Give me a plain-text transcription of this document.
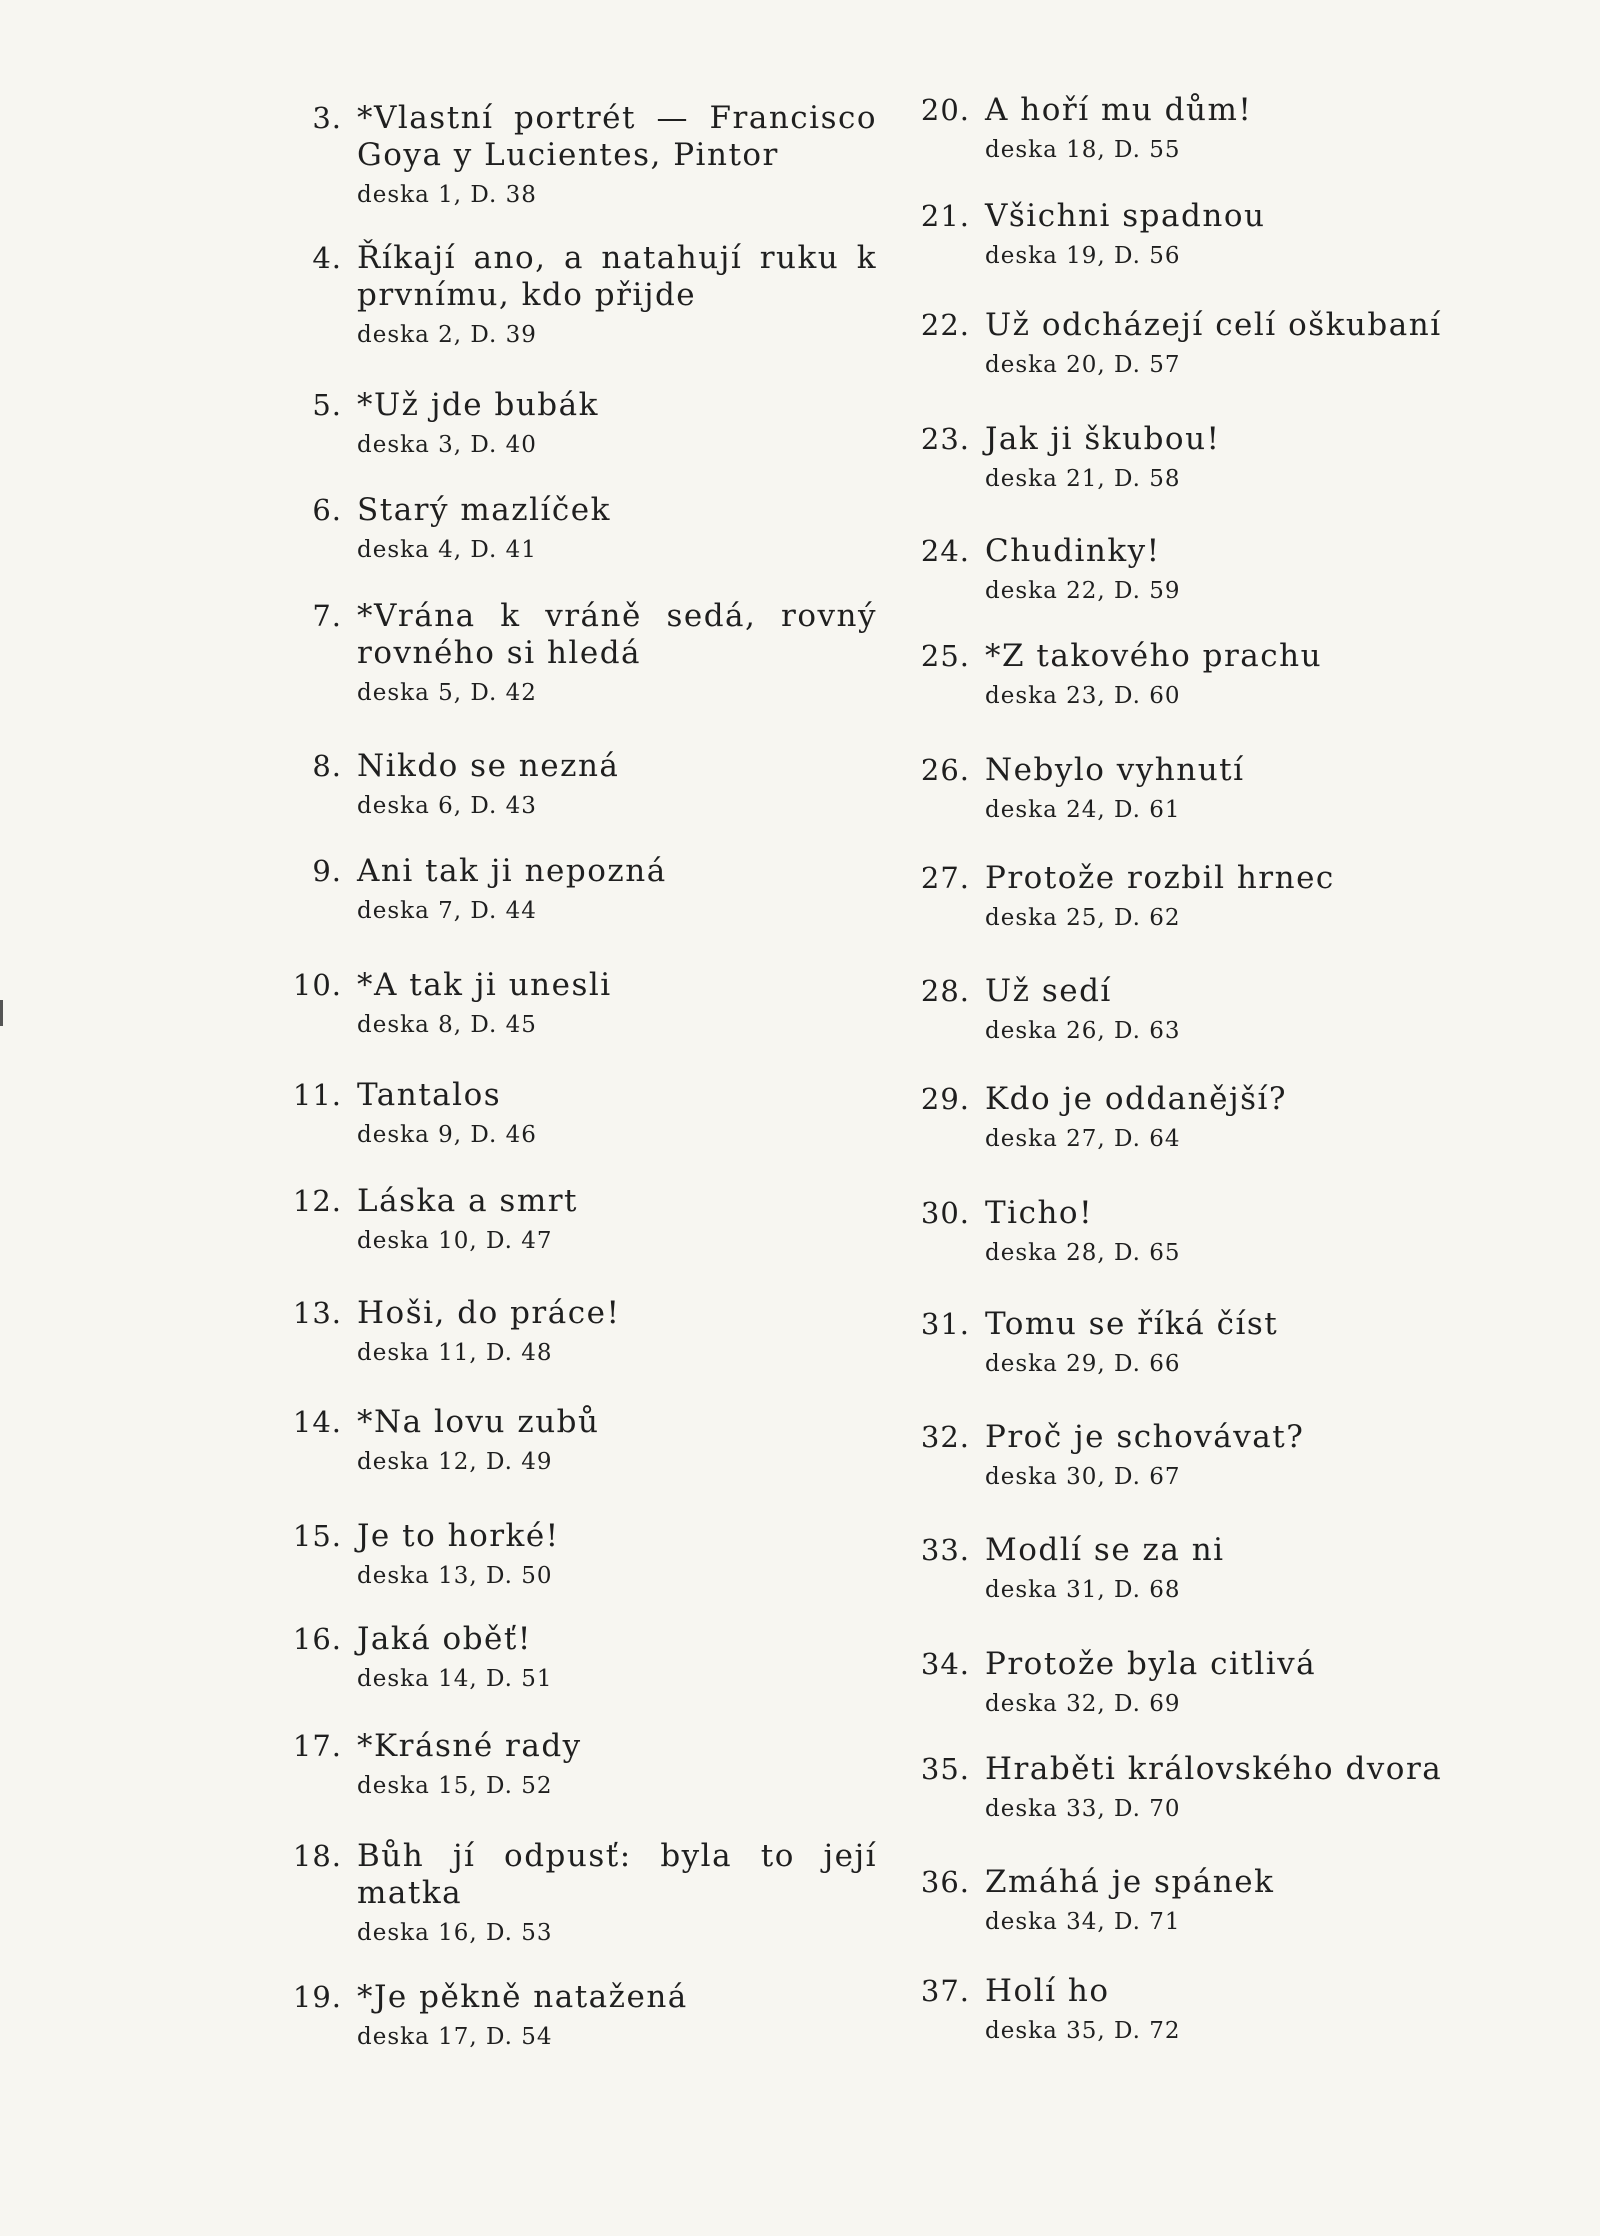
3. *Vlastní portrét — Francisco Goya y Lucientes, Pintor
deska 1, D. 38
4. Říkají ano, a natahují ruku k prvnímu, kdo přijde
deska 2, D. 39
5. *Už jde bubák
deska 3, D. 40
6. Starý mazlíček
deska 4, D. 41
7. *Vrána k vráně sedá, rovný rovného si hledá
deska 5, D. 42
8. Nikdo se nezná
deska 6, D. 43
9. Ani tak ji nepozná
deska 7, D. 44
10. *A tak ji unesli
deska 8, D. 45
11. Tantalos
deska 9, D. 46
12. Láska a smrt
deska 10, D. 47
13. Hoši, do práce!
deska 11, D. 48
14. *Na lovu zubů
deska 12, D. 49
15. Je to horké!
deska 13, D. 50
16. Jaká oběť!
deska 14, D. 51
17. *Krásné rady
deska 15, D. 52
18. Bůh jí odpusť: byla to její matka
deska 16, D. 53
19. *Je pěkně natažená
deska 17, D. 54
20. A hoří mu dům!
deska 18, D. 55
21. Všichni spadnou
deska 19, D. 56
22. Už odcházejí celí oškubaní
deska 20, D. 57
23. Jak ji škubou!
deska 21, D. 58
24. Chudinky!
deska 22, D. 59
25. *Z takového prachu
deska 23, D. 60
26. Nebylo vyhnutí
deska 24, D. 61
27. Protože rozbil hrnec
deska 25, D. 62
28. Už sedí
deska 26, D. 63
29. Kdo je oddanější?
deska 27, D. 64
30. Ticho!
deska 28, D. 65
31. Tomu se říká číst
deska 29, D. 66
32. Proč je schovávat?
deska 30, D. 67
33. Modlí se za ni
deska 31, D. 68
34. Protože byla citlivá
deska 32, D. 69
35. Hraběti královského dvora
deska 33, D. 70
36. Zmáhá je spánek
deska 34, D. 71
37. Holí ho
deska 35, D. 72
